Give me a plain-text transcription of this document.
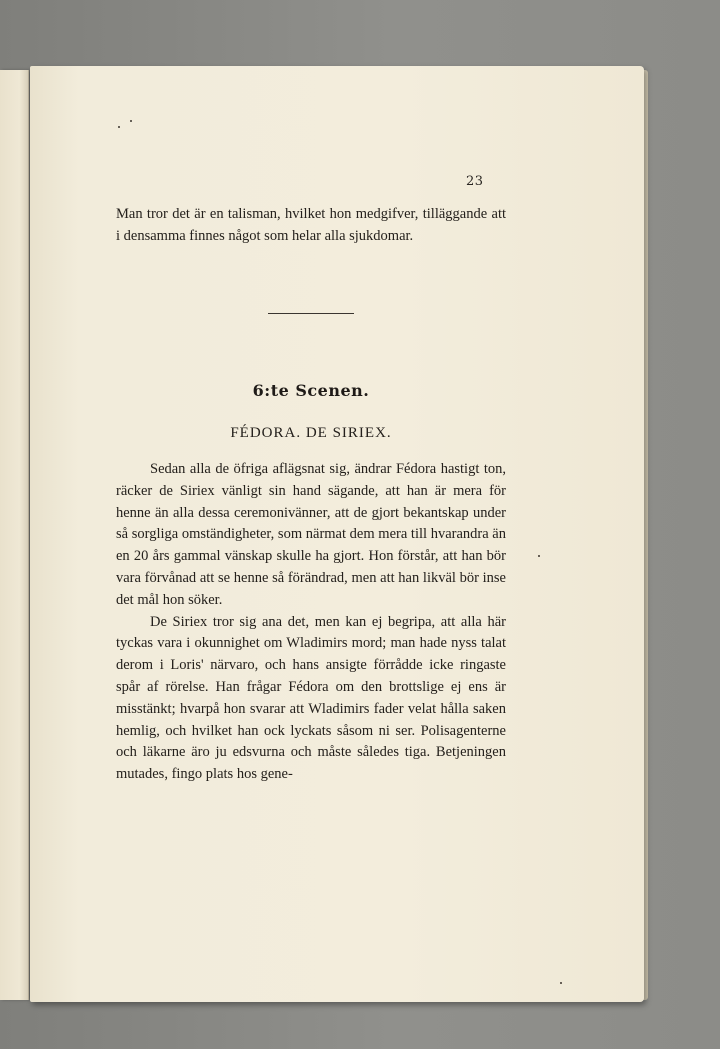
23
Man tror det är en talisman, hvilket hon medgifver, tilläggande att i densamma finnes något som helar alla sjukdomar.
6:te Scenen.
FÉDORA. DE SIRIEX.

Sedan alla de öfriga aflägsnat sig, ändrar Fédora hastigt ton, räcker de Siriex vänligt sin hand sägande, att han är mera för henne än alla dessa ceremonivänner, att de gjort bekantskap under så sorgliga omständigheter, som närmat dem mera till hvarandra än en 20 års gammal vänskap skulle ha gjort. Hon förstår, att han bör vara förvånad att se henne så förändrad, men att han likväl bör inse det mål hon söker.

De Siriex tror sig ana det, men kan ej begripa, att alla här tyckas vara i okunnighet om Wladimirs mord; man hade nyss talat derom i Loris' närvaro, och hans ansigte förrådde icke ringaste spår af rörelse. Han frågar Fédora om den brottslige ej ens är misstänkt; hvarpå hon svarar att Wladimirs fader velat hålla saken hemlig, och hvilket han ock lyckats såsom ni ser. Polisagenterne och läkarne äro ju edsvurna och måste således tiga. Betjeningen mutades, fingo plats hos gene-
